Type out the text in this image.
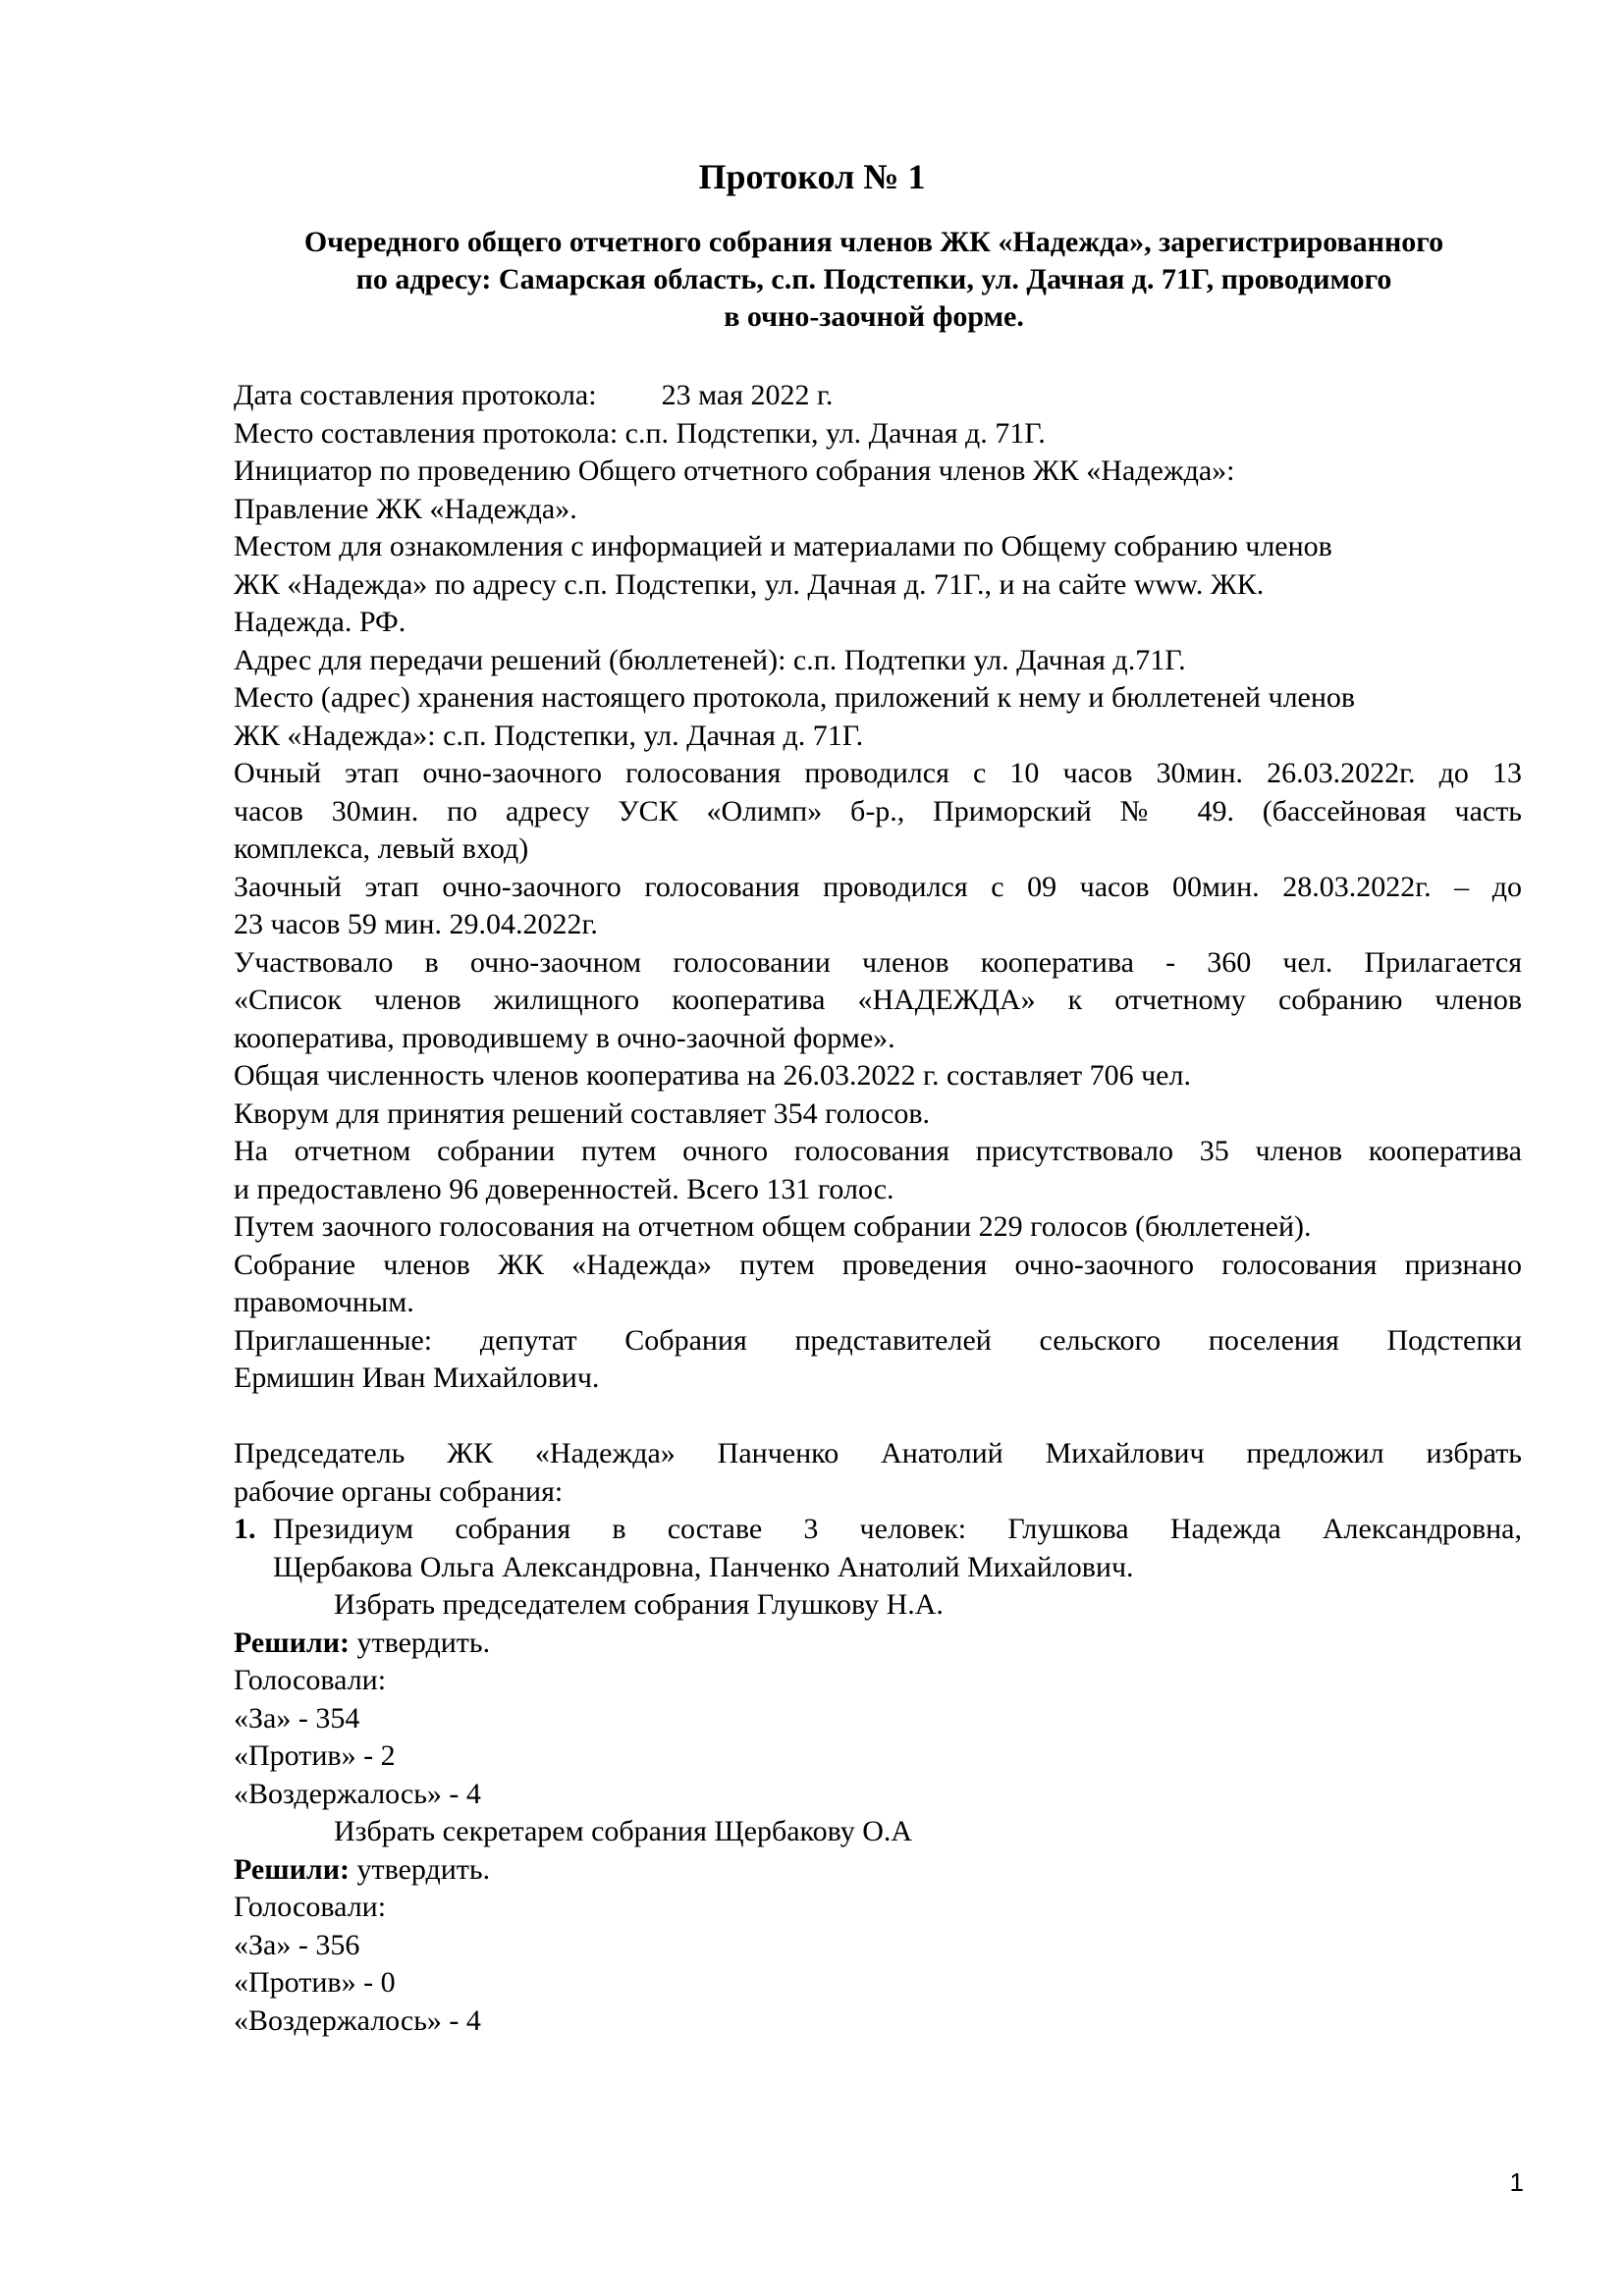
Протокол № 1
Очередного общего отчетного собрания членов ЖК «Надежда», зарегистрированного
по адресу: Самарская область, с.п. Подстепки, ул. Дачная д. 71Г, проводимого
в очно-заочной форме.
Дата составления протокола: 23 мая 2022 г.
Место составления протокола: с.п. Подстепки, ул. Дачная д. 71Г.
Инициатор по проведению Общего отчетного собрания членов ЖК «Надежда»:
Правление ЖК «Надежда».
Местом для ознакомления с информацией и материалами по Общему собранию членов
ЖК «Надежда» по адресу с.п. Подстепки, ул. Дачная д. 71Г., и на сайте www. ЖК.
Надежда. РФ.
Адрес для передачи решений (бюллетеней): с.п. Подтепки ул. Дачная д.71Г.
Место (адрес) хранения настоящего протокола, приложений к нему и бюллетеней членов
ЖК «Надежда»: с.п. Подстепки, ул. Дачная д. 71Г.
Очный этап очно-заочного голосования проводился с 10 часов 30мин. 26.03.2022г. до 13
часов 30мин. по адресу УСК «Олимп» б-р., Приморский № 49. (бассейновая часть
комплекса, левый вход)
Заочный этап очно-заочного голосования проводился с 09 часов 00мин. 28.03.2022г. – до
23 часов 59 мин. 29.04.2022г.
Участвовало в очно-заочном голосовании членов кооператива - 360 чел. Прилагается
«Список членов жилищного кооператива «НАДЕЖДА» к отчетному собранию членов
кооператива, проводившему в очно-заочной форме».
Общая численность членов кооператива на 26.03.2022 г. составляет 706 чел.
Кворум для принятия решений составляет 354 голосов.
На отчетном собрании путем очного голосования присутствовало 35 членов кооператива
и предоставлено 96 доверенностей. Всего 131 голос.
Путем заочного голосования на отчетном общем собрании 229 голосов (бюллетеней).
Собрание членов ЖК «Надежда» путем проведения очно-заочного голосования признано
правомочным.
Приглашенные: депутат Собрания представителей сельского поселения Подстепки
Ермишин Иван Михайлович.
Председатель ЖК «Надежда» Панченко Анатолий Михайлович предложил избрать
рабочие органы собрания:
1. Президиум собрания в составе 3 человек: Глушкова Надежда Александровна,
Щербакова Ольга Александровна, Панченко Анатолий Михайлович.
Избрать председателем собрания Глушкову Н.А.
Решили: утвердить.
Голосовали:
«За» - 354
«Против» - 2
«Воздержалось» - 4
Избрать секретарем собрания Щербакову О.А
Решили: утвердить.
Голосовали:
«За» - 356
«Против» - 0
«Воздержалось» - 4
1
